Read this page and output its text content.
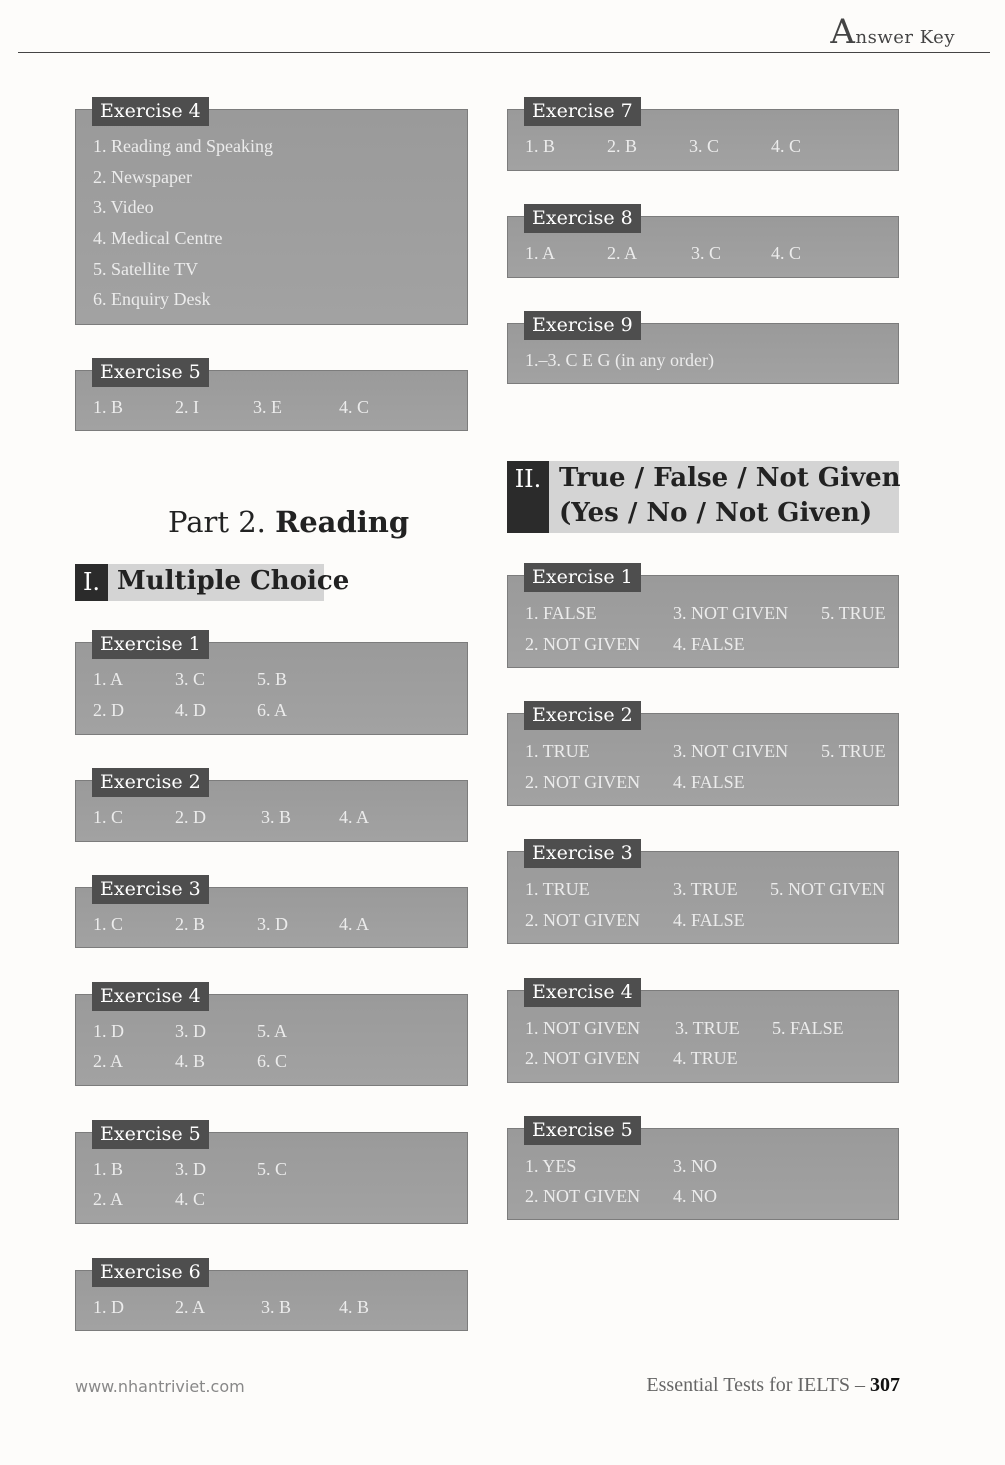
Answer Key
Exercise 4
1. Reading and Speaking
2. Newspaper
3. Video
4. Medical Centre
5. Satellite TV
6. Enquiry Desk
Exercise 5
1. B	2. I	3. E	4. C
Part 2. Reading
I. Multiple Choice
Exercise 1
1. A	3. C	5. B
2. D	4. D	6. A
Exercise 2
1. C	2. D	3. B	4. A
Exercise 3
1. C	2. B	3. D	4. A
Exercise 4
1. D	3. D	5. A
2. A	4. B	6. C
Exercise 5
1. B	3. D	5. C
2. A	4. C
Exercise 6
1. D	2. A	3. B	4. B
Exercise 7
1. B	2. B	3. C	4. C
Exercise 8
1. A	2. A	3. C	4. C
Exercise 9
1.–3. C E G (in any order)
II. True / False / Not Given
(Yes / No / Not Given)
Exercise 1
1. FALSE	3. NOT GIVEN 5. TRUE
2. NOT GIVEN 4. FALSE
Exercise 2
1. TRUE	3. NOT GIVEN 5. TRUE
2. NOT GIVEN 4. FALSE
Exercise 3
1. TRUE	3. TRUE 5. NOT GIVEN
2. NOT GIVEN 4. FALSE
Exercise 4
1. NOT GIVEN 3. TRUE 5. FALSE
2. NOT GIVEN 4. TRUE
Exercise 5
1. YES	3. NO
2. NOT GIVEN 4. NO
www.nhantriviet.com	Essential Tests for IELTS – 307
